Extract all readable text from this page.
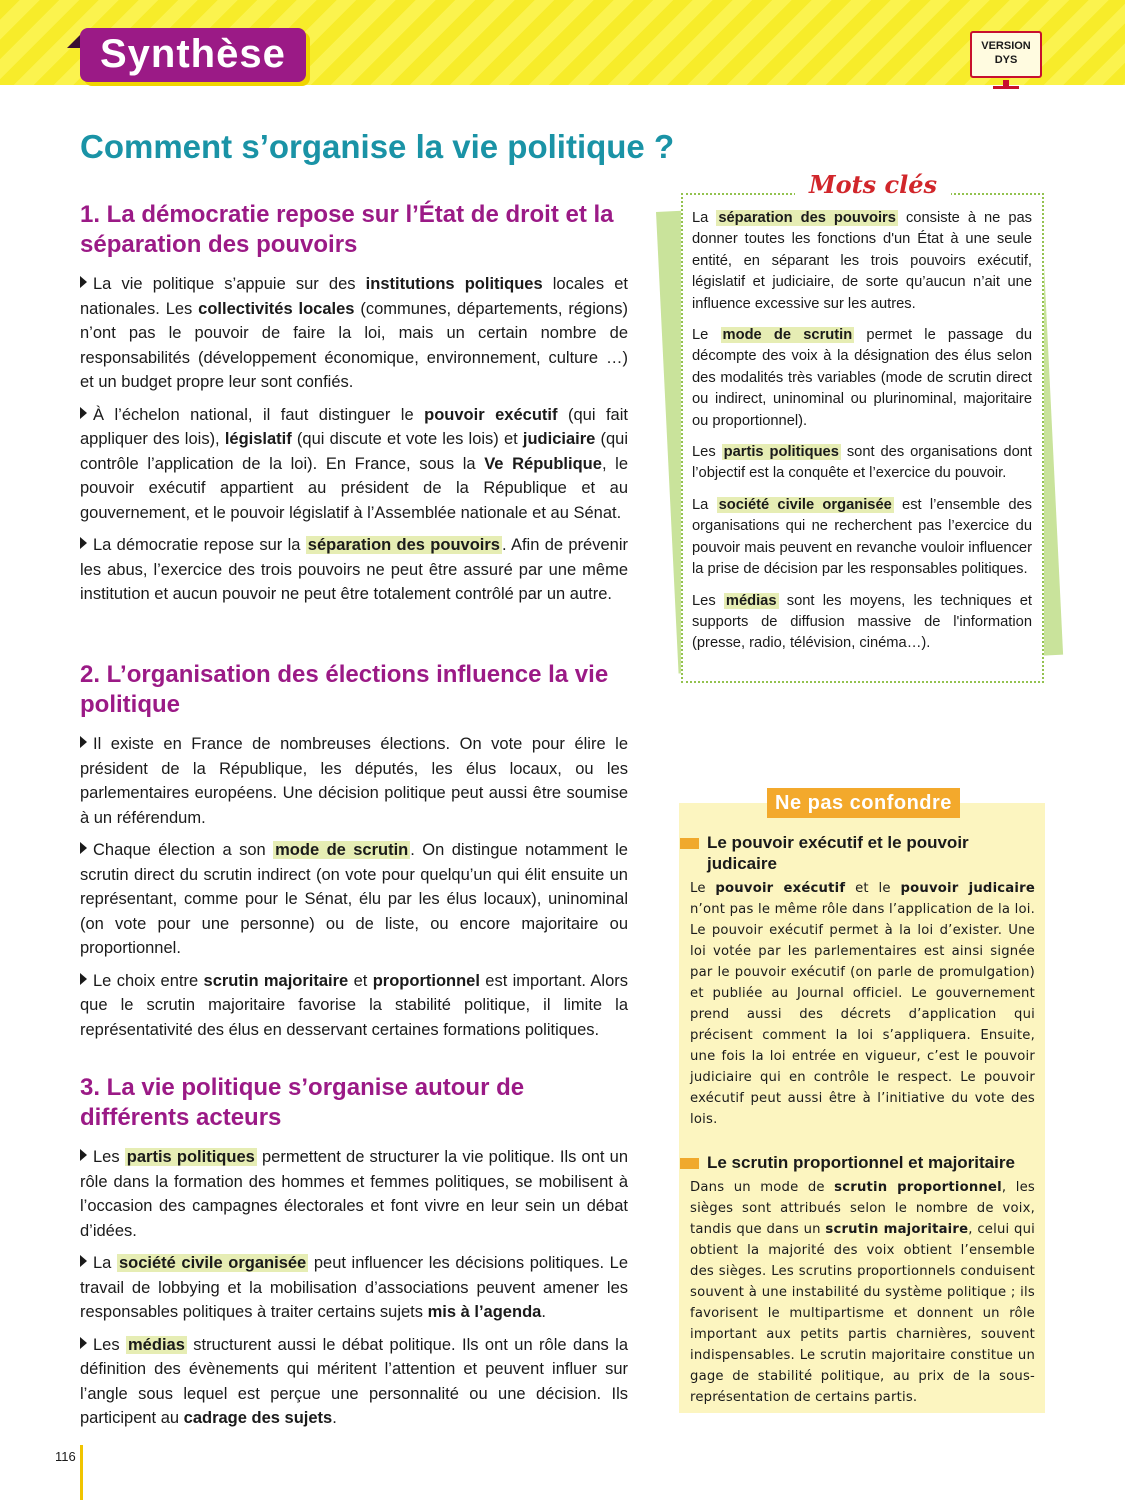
Synthèse	VERSION
DYS
Comment s’organise la vie politique ?
1. La démocratie repose sur l’État de droit et la séparation des pouvoirs

La vie politique s’appuie sur des institutions politiques locales et nationales. Les collectivités locales (communes, départements, régions) n’ont pas le pouvoir de faire la loi, mais un certain nombre de responsabilités (développement économique, environnement, culture …) et un budget propre leur sont confiés.

À l’échelon national, il faut distinguer le pouvoir exécutif (qui fait appliquer des lois), législatif (qui discute et vote les lois) et judiciaire (qui contrôle l’application de la loi). En France, sous la Ve République, le pouvoir exécutif appartient au président de la République et au gouvernement, et le pouvoir législatif à l’Assemblée nationale et au Sénat.

La démocratie repose sur la séparation des pouvoirs . Afin de prévenir les abus, l’exercice des trois pouvoirs ne peut être assuré par une même institution et aucun pouvoir ne peut être totalement contrôlé par un autre.

2. L’organisation des élections influence la vie politique

Il existe en France de nombreuses élections. On vote pour élire le président de la République, les députés, les élus locaux, ou les parlementaires européens. Une décision politique peut aussi être soumise à un référendum.

Chaque élection a son mode de scrutin . On distingue notamment le scrutin direct du scrutin indirect (on vote pour quelqu’un qui élit ensuite un représentant, comme pour le Sénat, élu par les élus locaux), uninominal (on vote pour une personne) ou de liste, ou encore majoritaire ou proportionnel.

Le choix entre scrutin majoritaire et proportionnel est important. Alors que le scrutin majoritaire favorise la stabilité politique, il limite la représentativité des élus en desservant certaines formations politiques.

3. La vie politique s’organise autour de différents acteurs

Les partis politiques permettent de structurer la vie politique. Ils ont un rôle dans la formation des hommes et femmes politiques, se mobilisent à l’occasion des campagnes électorales et font vivre en leur sein un débat d’idées.

La société civile organisée peut influencer les décisions politiques. Le travail de lobbying et la mobilisation d’associations peuvent amener les responsables politiques à traiter certains sujets mis à l’agenda.

Les médias structurent aussi le débat politique. Ils ont un rôle dans la définition des évènements qui méritent l’attention et peuvent influer sur l’angle sous lequel est perçue une personnalité ou une décision. Ils participent au cadrage des sujets.

Mots clés

La séparation des pouvoirs consiste à ne pas donner toutes les fonctions d'un État à une seule entité, en séparant les trois pouvoirs exécutif, législatif et judiciaire, de sorte qu’aucun n’ait une influence excessive sur les autres.

Le mode de scrutin permet le passage du décompte des voix à la désignation des élus selon des modalités très variables (mode de scrutin direct ou indirect, uninominal ou plurinominal, majoritaire ou proportionnel).

Les partis politiques sont des organisations dont l’objectif est la conquête et l’exercice du pouvoir.

La société civile organisée est l’ensemble des organisations qui ne recherchent pas l’exercice du pouvoir mais peuvent en revanche vouloir influencer la prise de décision par les responsables politiques.

Les médias sont les moyens, les techniques et supports de diffusion massive de l'information (presse, radio, télévision, cinéma…).

Ne pas confondre
Le pouvoir exécutif et le pouvoir judicaire

Le pouvoir exécutif et le pouvoir judicaire n’ont pas le même rôle dans l’application de la loi. Le pouvoir exécutif permet à la loi d’exister. Une loi votée par les parlementaires est ainsi signée par le pouvoir exécutif (on parle de promulgation) et publiée au Journal officiel. Le gouvernement prend aussi des décrets d’application qui précisent comment la loi s’appliquera. Ensuite, une fois la loi entrée en vigueur, c’est le pouvoir judiciaire qui en contrôle le respect. Le pouvoir exécutif peut aussi être à l’initiative du vote des lois.

Le scrutin proportionnel et majoritaire

Dans un mode de scrutin proportionnel, les sièges sont attribués selon le nombre de voix, tandis que dans un scrutin majoritaire, celui qui obtient la majorité des voix obtient l’ensemble des sièges. Les scrutins proportionnels conduisent souvent à une instabilité du système politique ; ils favorisent le multipartisme et donnent un rôle important aux petits partis charnières, souvent indispensables. Le scrutin majoritaire constitue un gage de stabilité politique, au prix de la sous-représentation de certains partis.

116
